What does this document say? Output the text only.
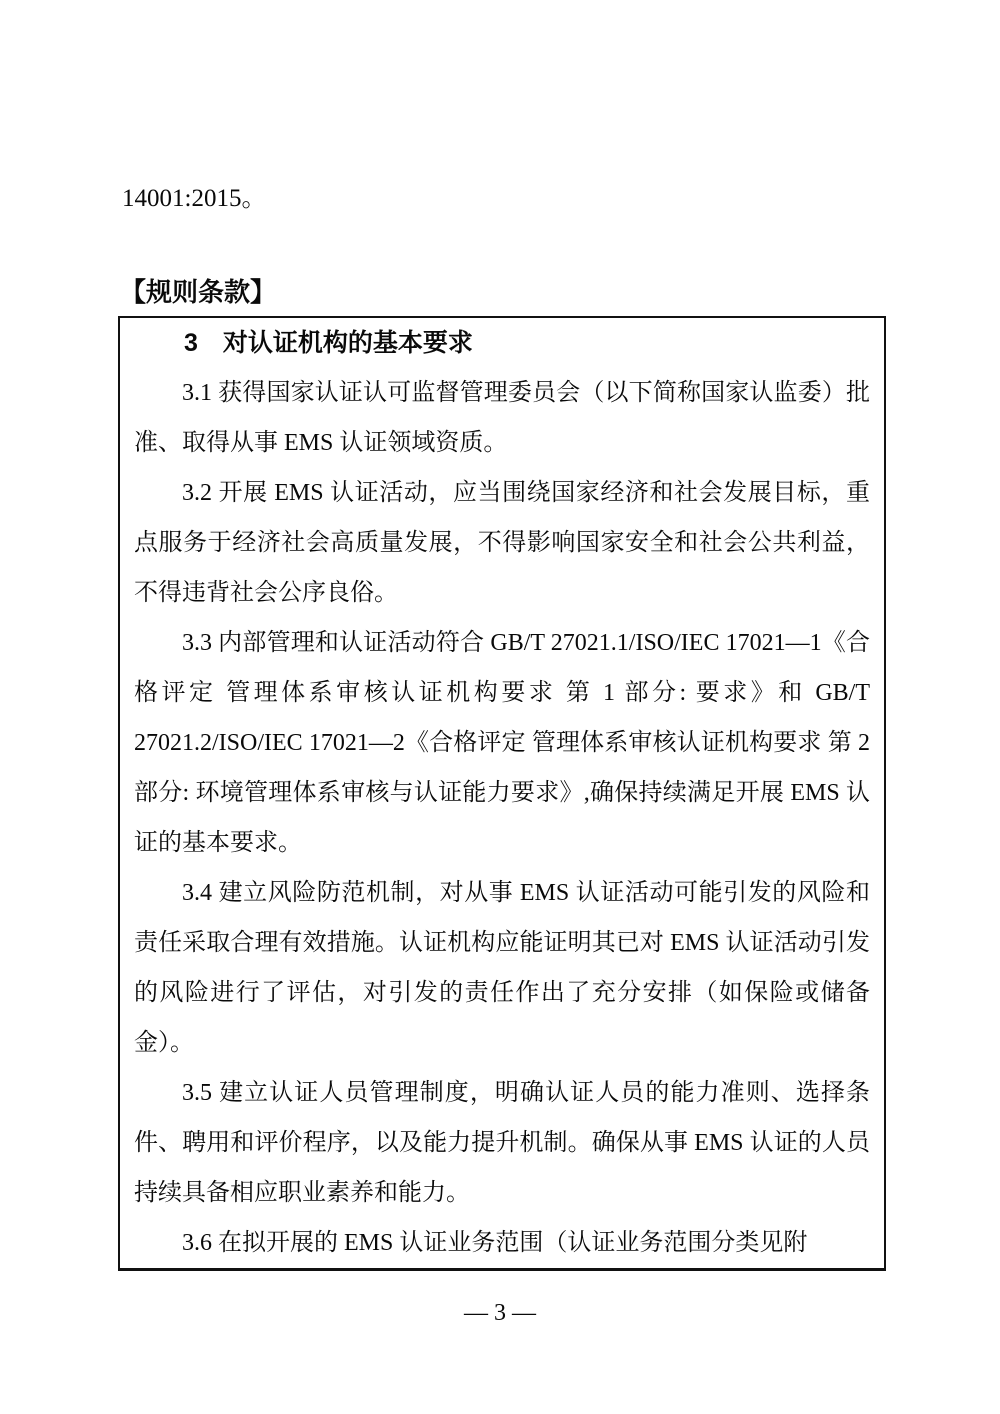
14001:2015。

【规则条款】
3　对认证机构的基本要求

3.1 获得国家认证认可监督管理委员会（以下简称国家认监委）批准、取得从事 EMS 认证领域资质。

3.2 开展 EMS 认证活动，应当围绕国家经济和社会发展目标，重点服务于经济社会高质量发展，不得影响国家安全和社会公共利益，不得违背社会公序良俗。

3.3 内部管理和认证活动符合 GB/T 27021.1/ISO/IEC 17021—1《合格评定 管理体系审核认证机构要求 第 1 部分: 要求》和 GB/T 27021.2/ISO/IEC 17021—2《合格评定 管理体系审核认证机构要求 第 2 部分: 环境管理体系审核与认证能力要求》,确保持续满足开展 EMS 认证的基本要求。

3.4 建立风险防范机制，对从事 EMS 认证活动可能引发的风险和责任采取合理有效措施。认证机构应能证明其已对 EMS 认证活动引发的风险进行了评估，对引发的责任作出了充分安排（如保险或储备金）。

3.5 建立认证人员管理制度，明确认证人员的能力准则、选择条件、聘用和评价程序，以及能力提升机制。确保从事 EMS 认证的人员持续具备相应职业素养和能力。

3.6 在拟开展的 EMS 认证业务范围（认证业务范围分类见附

— 3 —
